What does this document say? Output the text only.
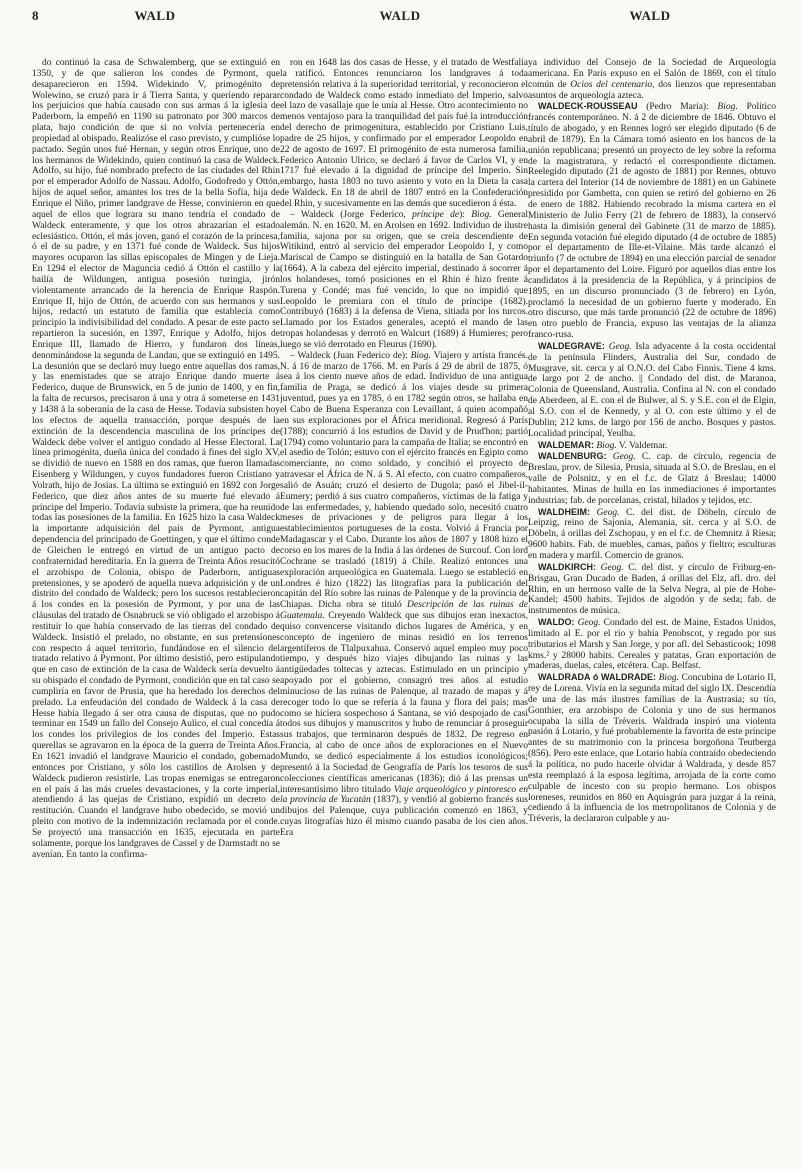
8	WALD	WALD	WALD

do continuó la casa de Schwalemberg, que se extinguió en 1350, y de que salieron los condes de Pyrmont, que desaparecieron en 1594. Widekindo V, primogénito de Wolewino, se cruzó para ir á Tierra Santa, y queriendo reparar los perjuicios que había causado con sus armas á la iglesia de Paderborn, la empeñó en 1190 su patronato por 300 marcos de plata, bajo condición de que si no volvía pertenecería en propiedad al obispado. Realizóse el caso previsto, y cumplióse lo pactado. Según unos fué Hernan, y según otros Enrique, uno de los hermanos de Widekindo, quien continuó la casa de Waldeck. Adolfo, su hijo, fué nombrado prefecto de las ciudades del Rhin por el emperador Adolfo de Nassau. Adolfo, Godofredo y Ottón, hijos de aquel señor, amantes los tres de la bella Sofía, hija de Enrique el Niño, primer landgrave de Hesse, convinieron en que aquel de ellos que lograra su mano tendría el condado de Waldeck enteramente, y que los otros abrazarían el estado eclesiástico. Ottón, el más joven, ganó el corazón de la princesa, ó el de su padre, y en 1371 fué conde de Waldeck. Sus hijos mayores ocuparon las sillas episcopales de Mingen y de Lieja. En 1294 el elector de Maguncia cedió á Ottón el castillo y la bailía de Wildungen, antigua posesión turingia, jirón violentamente arrancado de la herencia de Enrique Raspón. Enrique II, hijo de Ottón, de acuerdo con sus hermanos y sus hijos, redactó un estatuto de familia que establecía como principio la indivisibilidad del condado. A pesar de este pacto se repartieron la sucesión, en 1397, Enrique y Adolfo, hijos de Enrique III, llamado de Hierro, y fundaron dos líneas, denominándose la segunda de Landau, que se extinguió en 1495. La desunión que se declaró muy luego entre aquellas dos ramas, y las enemistades que se atrajo Enrique dando muerte á Federico, duque de Brunswick, en 5 de junio de 1400, y en fin, la falta de recursos, precisaron á una y otra á someterse en 1431 y 1438 á la soberanía de la casa de Hesse. Todavía subsisten hoy los efectos de aquella transacción, porque después de la extinción de la descendencia masculina de los príncipes de Waldeck debe volver el antiguo condado al Hesse Electoral. La línea primogénita, dueña única del condado á fines del siglo XV, se dividió de nuevo en 1588 en dos ramas, que fueron llamadas Eisenberg y Wildungen, y cuyos fundadores fueron Cristiano y Volrath, hijo de Josías. La última se extinguió en 1692 con Jorge Federico, que diez años antes de su muerte fué elevado á príncipe del Imperio. Todavía subsiste la primera, que ha reunido todas las posesiones de la familia. En 1625 hizo la casa Waldeck la importante adquisición del país de Pyrmont, antigua dependencia del principado de Goettingen, y que el último conde de Gleichen le entregó en virtud de un antiguo pacto de confraternidad hereditaria. En la guerra de Treinta Años resucitó el arzobispo de Colonia, obispo de Paderborn, antiguas pretensiones, y se apoderó de aquella nueva adquisición y de un distrito del condado de Waldeck; pero los sucesos restablecieron á los condes en la posesión de Pyrmont, y por una de las cláusulas del tratado de Osnabruck se vió obligado el arzobispo á restituir lo que había conservado de las tierras del condado de Waldeck. Insistió el prelado, no obstante, en sus pretensiones con respecto á aquel territorio, fundándose en el silencio del tratado relativo á Pyrmont. Por último desistió, pero estipulando que en caso de extinción de la casa de Waldeck sería devuelto á su obispado el condado de Pyrmont, condición que en tal caso se cumpliría en favor de Prusia, que ha heredado los derechos del prelado. La enfeudación del condado de Waldeck á la casa de Hesse había llegado á ser otra causa de disputas, que no pudo terminar en 1549 un fallo del Consejo Aulico, el cual concedía á los condes los privilegios de los condes del Imperio. Estas querellas se agravaron en la época de la guerra de Treinta Años. En 1621 invadió el landgrave Mauricio el condado, gobernado entonces por Cristiano, y sólo los castillos de Arolsen y de Waldeck pudieron resistirle. Las tropas enemigas se entregaron en el país á las más crueles devastaciones, y la corte imperial, atendiendo á las quejas de Cristiano, expidió un decreto de restitución. Cuando el landgrave hubo obedecido, se movió un pleito con motivo de la indemnización reclamada por el conde. Se proyectó una transacción en 1635, ejecutada en parte solamente, porque los landgraves de Cassel y de Darmstadt no se avenían. En tanto la confirma-

ron en 1648 las dos casas de Hesse, y el tratado de Westfalia la ratificó. Entonces renunciaron los landgraves á toda pretensión relativa á la superioridad territorial, y reconocieron el condado de Waldeck como estado inmediato del Imperio, salvo el lazo de vasallaje que le unía al Hesse. Otro acontecimiento no menos ventajoso para la tranquilidad del país fué la introducción del derecho de primogenitura, establecido por Cristiano Luis, padre de 25 hijos, y confirmado por el emperador Leopoldo en 22 de agosto de 1697. El primogénito de esta numerosa familia, Federico Antonio Ulrico, se declaró á favor de Carlos VI, y en 1717 fué elevado á la dignidad de príncipe del Imperio. Sin embargo, hasta 1803 no tuvo asiento y voto en la Dieta la casa de Waldeck. En 18 de abril de 1807 entró en la Confederación del Rhin, y sucesivamente en las demás que sucedieron á ésta.

– Waldeck (Jorge Federico, príncipe de): Biog. General alemán. N. en 1620. M. en Arolsen en 1692. Individuo de ilustre familia, sajona por su origen, que se creía descendiente de Witikind, entró al servicio del emperador Leopoldo I, y como Mariscal de Campo se distinguió en la batalla de San Gotardo (1664). A la cabeza del ejército imperial, destinado á socorrer á los holandeses, tomó posiciones en el Rhin é hizo frente á Turena y Condé; mas fué vencido, lo que no impidió que Leopoldo le premiara con el título de príncipe (1682). Contribuyó (1683) á la defensa de Viena, sitiada por los turcos. Llamado por los Estados generales, aceptó el mando de las tropas holandesas y derrotó en Walcurt (1689) á Humieres; pero luego se vió derrotado en Fleurus (1690).

– Waldeck (Juan Federico de): Biog. Viajero y artista francés. N. á 16 de marzo de 1766. M. en París á 29 de abril de 1875, ó sea á los ciento nueve años de edad. Individuo de una antigua familia de Praga, se dedicó á los viajes desde su primera juventud, pues ya en 1785, ó en 1782 según otros, se hallaba en el Cabo de Buena Esperanza con Levaillant, á quien acompañó en sus exploraciones por el África meridional. Regresó á París (1788); concurrió á los estudios de David y de Prud'hon; partió (1794) como voluntario para la campaña de Italia; se encontró en el asedio de Tolón; estuvo con el ejército francés en Egipto como comerciante, no como soldado, y concibió el proyecto de atravesar el África de N. á S. Al efecto, con cuatro compañeros, salió de Asuán; cruzó el desierto de Dugola; pasó el Jibel-il-Eumery; perdió á sus cuatro compañeros, víctimas de la fatiga y de las enfermedades, y, habiendo quedado solo, necesitó cuatro meses de privaciones y de peligros para llegar á los establecimientos portugueses de la costa. Volvió á Francia por Madagascar y el Cabo. Durante los años de 1807 y 1808 hizo el corso en los mares de la India á las órdenes de Surcouf. Con lord Cochrane se trasladó (1819) á Chile. Realizó entonces una exploración arqueológica en Guatemala. Luego se estableció en Londres é hizo (1822) las litografías para la publicación del capitán del Río sobre las ruinas de Palenque y de la provincia de Chiapas. Dicha obra se tituló Descripción de las ruinas de Guatemala. Creyendo Waldeck que sus dibujos eran inexactos, quiso convencerse visitando dichos lugares de América, y en concepto de ingeniero de minas residió en los terrenos argentíferos de Tlalpuxahua. Conservó aquel empleo muy poco tiempo, y después hizo viajes dibujando las ruinas y las antigüedades toltecas y aztecas. Estimulado en un principio y apoyado por el gobierno, consagró tres años al estudio minucioso de las ruinas de Palenque, al trazado de mapas y á recoger todo lo que se refería á la fauna y flora del país; mas como se hiciera sospechoso á Santana, se vió despojado de casi todos sus dibujos y manuscritos y hubo de renunciar á proseguir sus trabajos, que terminaron después de 1832. De regreso en Francia, al cabo de once años de exploraciones en el Nuevo Mundo, se dedicó especialmente á los estudios iconológicos; presentó á la Sociedad de Geografía de París los tesoros de sus colecciones científicas americanas (1836); dió á las prensas un interesantísimo libro titulado Viaje arqueológico y pintoresco en la provincia de Yucatán (1837), y vendió al gobierno francés sus dibujos del Palenque, cuya publicación comenzó en 1863, y cuyas litografías hizo él mismo cuando pasaba de los cien años. Era

ya individuo del Consejo de la Sociedad de Arqueología americana. En París expuso en el Salón de 1869, con el título común de Ocios del centenario, dos lienzos que representaban asuntos de arqueología azteca.

WALDECK-ROUSSEAU (Pedro María): Biog. Político francés contemporáneo. N. á 2 de diciembre de 1846. Obtuvo el título de abogado, y en Rennes logró ser elegido diputado (6 de abril de 1879). En la Cámara tomó asiento en los bancos de la unión republicana; presentó un proyecto de ley sobre la reforma de la magistratura, y redactó el correspondiente dictamen. Reelegido diputado (21 de agosto de 1881) por Rennes, obtuvo la cartera del Interior (14 de noviembre de 1881) en un Gabinete presidido por Gambetta, con quien se retiró del gobierno en 26 de enero de 1882. Habiendo recobrado la misma cartera en el Ministerio de Julio Ferry (21 de febrero de 1883), la conservó hasta la dimisión general del Gabinete (31 de marzo de 1885). En segunda votación fué elegido diputado (4 de octubre de 1885) por el departamento de Ille-et-Vilaine. Más tarde alcanzó el triunfo (7 de octubre de 1894) en una elección parcial de senador por el departamento del Loire. Figuró por aquellos días entre los candidatos á la presidencia de la República, y á principios de 1895, en un discurso pronunciado (3 de febrero) en Lyón, proclamó la necesidad de un gobierno fuerte y moderado. En otro discurso, que más tarde pronunció (22 de octubre de 1896) en otro pueblo de Francia, expuso las ventajas de la alianza franco-rusa.

WALDEGRAVE: Geog. Isla adyacente á la costa occidental de la península Flinders, Australia del Sur, condado de Musgrave, sit. cerca y al O.N.O. del Cabo Finnis. Tiene 4 kms. de largo por 2 de ancho. || Condado del dist. de Maranoa, Colonia de Queensland, Australia. Confina al N. con el condado de Aberdeen, al E. con el de Bulwer, al S. y S.E. con el de Elgin, al S.O. con el de Kennedy, y al O. con este último y el de Dublin; 212 kms. de largo por 156 de ancho. Bosques y pastos. Localidad principal, Yeulba.

WALDEMAR: Biog. V. Valdemar.

WALDENBURG: Geog. C. cap. de círculo, regencia de Breslau, prov. de Silesia, Prusia, situada al S.O. de Breslau, en el valle de Polsnitz, y en el f.c. de Glatz á Breslau; 14000 habitantes. Minas de hulla en las inmediaciones é importantes industrias; fab. de porcelanas, cristal, hilados y tejidos, etc.

WALDHEIM: Geog. C. del dist. de Döbeln, círculo de Leipzig, reino de Sajonia, Alemania, sit. cerca y al S.O. de Döbeln, á orillas del Zschopau, y en el f.c. de Chemnitz á Riesa; 9600 habits. Fab. de muebles, camas, paños y fieltro; esculturas en madera y marfil. Comercio de granos.

WALDKIRCH: Geog. C. del dist. y círculo de Friburg-en-Brisgau, Gran Ducado de Baden, á orillas del Elz, afl. dro. del Rhin, en un hermoso valle de la Selva Negra, al pie de Hohe-Kandel; 4500 habits. Tejidos de algodón y de seda; fab. de instrumentos de música.

WALDO: Geog. Condado del est. de Maine, Estados Unidos, limitado al E. por el río y bahía Penobscot, y regado por sus tributarios el Marsh y San Jorge, y por afl. del Sebasticook; 1098 kms.² y 28000 habits. Cereales y patatas. Gran exportación de maderas, duelas, cales, etcétera. Cap. Belfast.

WALDRADA ó WALDRADE: Biog. Concubina de Lotario II, rey de Lorena. Vivía en la segunda mitad del siglo IX. Descendía de una de las más ilustres familias de la Austrasia; su tío, Gonthier, era arzobispo de Colonia y uno de sus hermanos ocupaba la silla de Tréveris. Waldrada inspiró una violenta pasión á Lotario, y fué probablemente la favorita de este príncipe antes de su matrimonio con la princesa borgoñona Teutberga (856). Pero este enlace, que Lotario había contraído obedeciendo á la política, no pudo hacerle olvidar á Waldrada, y desde 857 esta reemplazó á la esposa legítima, arrojada de la corte como culpable de incesto con su propio hermano. Los obispos loreneses, reunidos en 860 en Aquisgrán para juzgar á la reina, cediendo á la influencia de los metropolitanos de Colonia y de Tréveris, la declararon culpable y au-
